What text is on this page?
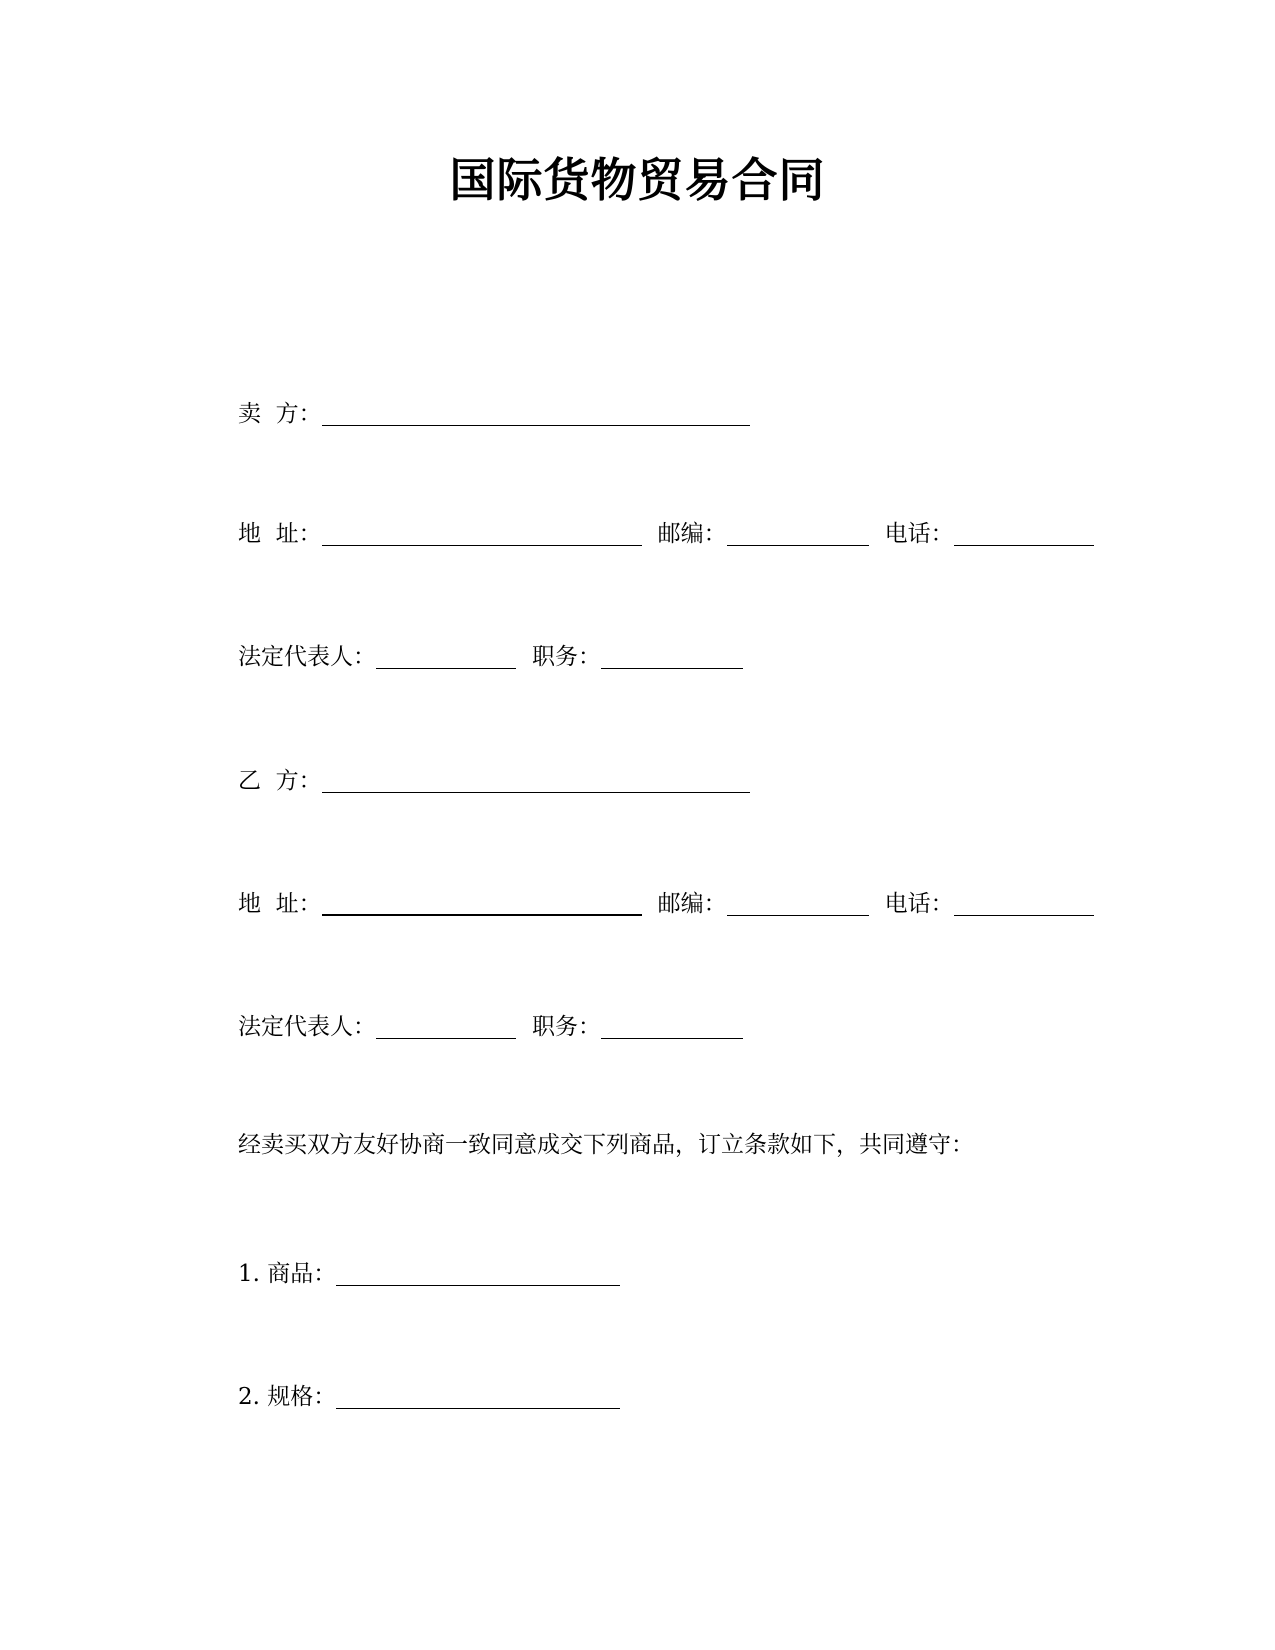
国际货物贸易合同
卖  方：
地  址：	邮编：	电话：
法定代表人：	职务：
乙  方：
地  址：	邮编：	电话：
法定代表人：	职务：
经卖买双方友好协商一致同意成交下列商品，订立条款如下，共同遵守：
1. 商品：
2. 规格：
